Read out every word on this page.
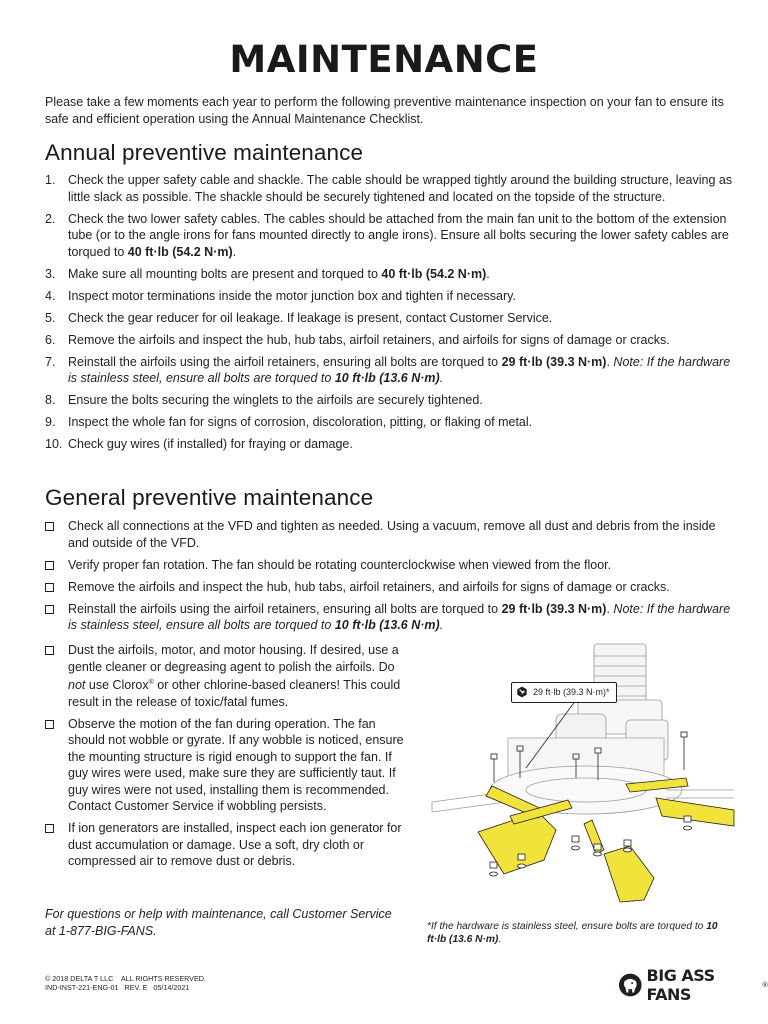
MAINTENANCE
Please take a few moments each year to perform the following preventive maintenance inspection on your fan to ensure its safe and efficient operation using the Annual Maintenance Checklist.
Annual preventive maintenance
1. Check the upper safety cable and shackle. The cable should be wrapped tightly around the building structure, leaving as little slack as possible. The shackle should be securely tightened and located on the topside of the structure.
2. Check the two lower safety cables. The cables should be attached from the main fan unit to the bottom of the extension tube (or to the angle irons for fans mounted directly to angle irons). Ensure all bolts securing the lower safety cables are torqued to 40 ft·lb (54.2 N·m).
3. Make sure all mounting bolts are present and torqued to 40 ft·lb (54.2 N·m).
4. Inspect motor terminations inside the motor junction box and tighten if necessary.
5. Check the gear reducer for oil leakage. If leakage is present, contact Customer Service.
6. Remove the airfoils and inspect the hub, hub tabs, airfoil retainers, and airfoils for signs of damage or cracks.
7. Reinstall the airfoils using the airfoil retainers, ensuring all bolts are torqued to 29 ft·lb (39.3 N·m). Note: If the hardware is stainless steel, ensure all bolts are torqued to 10 ft·lb (13.6 N·m).
8. Ensure the bolts securing the winglets to the airfoils are securely tightened.
9. Inspect the whole fan for signs of corrosion, discoloration, pitting, or flaking of metal.
10. Check guy wires (if installed) for fraying or damage.
General preventive maintenance
Check all connections at the VFD and tighten as needed. Using a vacuum, remove all dust and debris from the inside and outside of the VFD.
Verify proper fan rotation. The fan should be rotating counterclockwise when viewed from the floor.
Remove the airfoils and inspect the hub, hub tabs, airfoil retainers, and airfoils for signs of damage or cracks.
Reinstall the airfoils using the airfoil retainers, ensuring all bolts are torqued to 29 ft·lb (39.3 N·m). Note: If the hardware is stainless steel, ensure all bolts are torqued to 10 ft·lb (13.6 N·m).
Dust the airfoils, motor, and motor housing. If desired, use a gentle cleaner or degreasing agent to polish the airfoils. Do not use Clorox® or other chlorine-based cleaners! This could result in the release of toxic/fatal fumes.
Observe the motion of the fan during operation. The fan should not wobble or gyrate. If any wobble is noticed, ensure the mounting structure is rigid enough to support the fan. If guy wires were used, make sure they are sufficiently taut. If guy wires were not used, installing them is recommended. Contact Customer Service if wobbling persists.
If ion generators are installed, inspect each ion generator for dust accumulation or damage. Use a soft, dry cloth or compressed air to remove dust or debris.
For questions or help with maintenance, call Customer Service at 1-877-BIG-FANS.
29 ft·lb (39.3 N·m)*
*If the hardware is stainless steel, ensure bolts are torqued to 10 ft·lb (13.6 N·m).
© 2018 DELTA T LLC    ALL RIGHTS RESERVED.
IND-INST-221-ENG-01   REV. E   05/14/2021
BIG ASS FANS	®
